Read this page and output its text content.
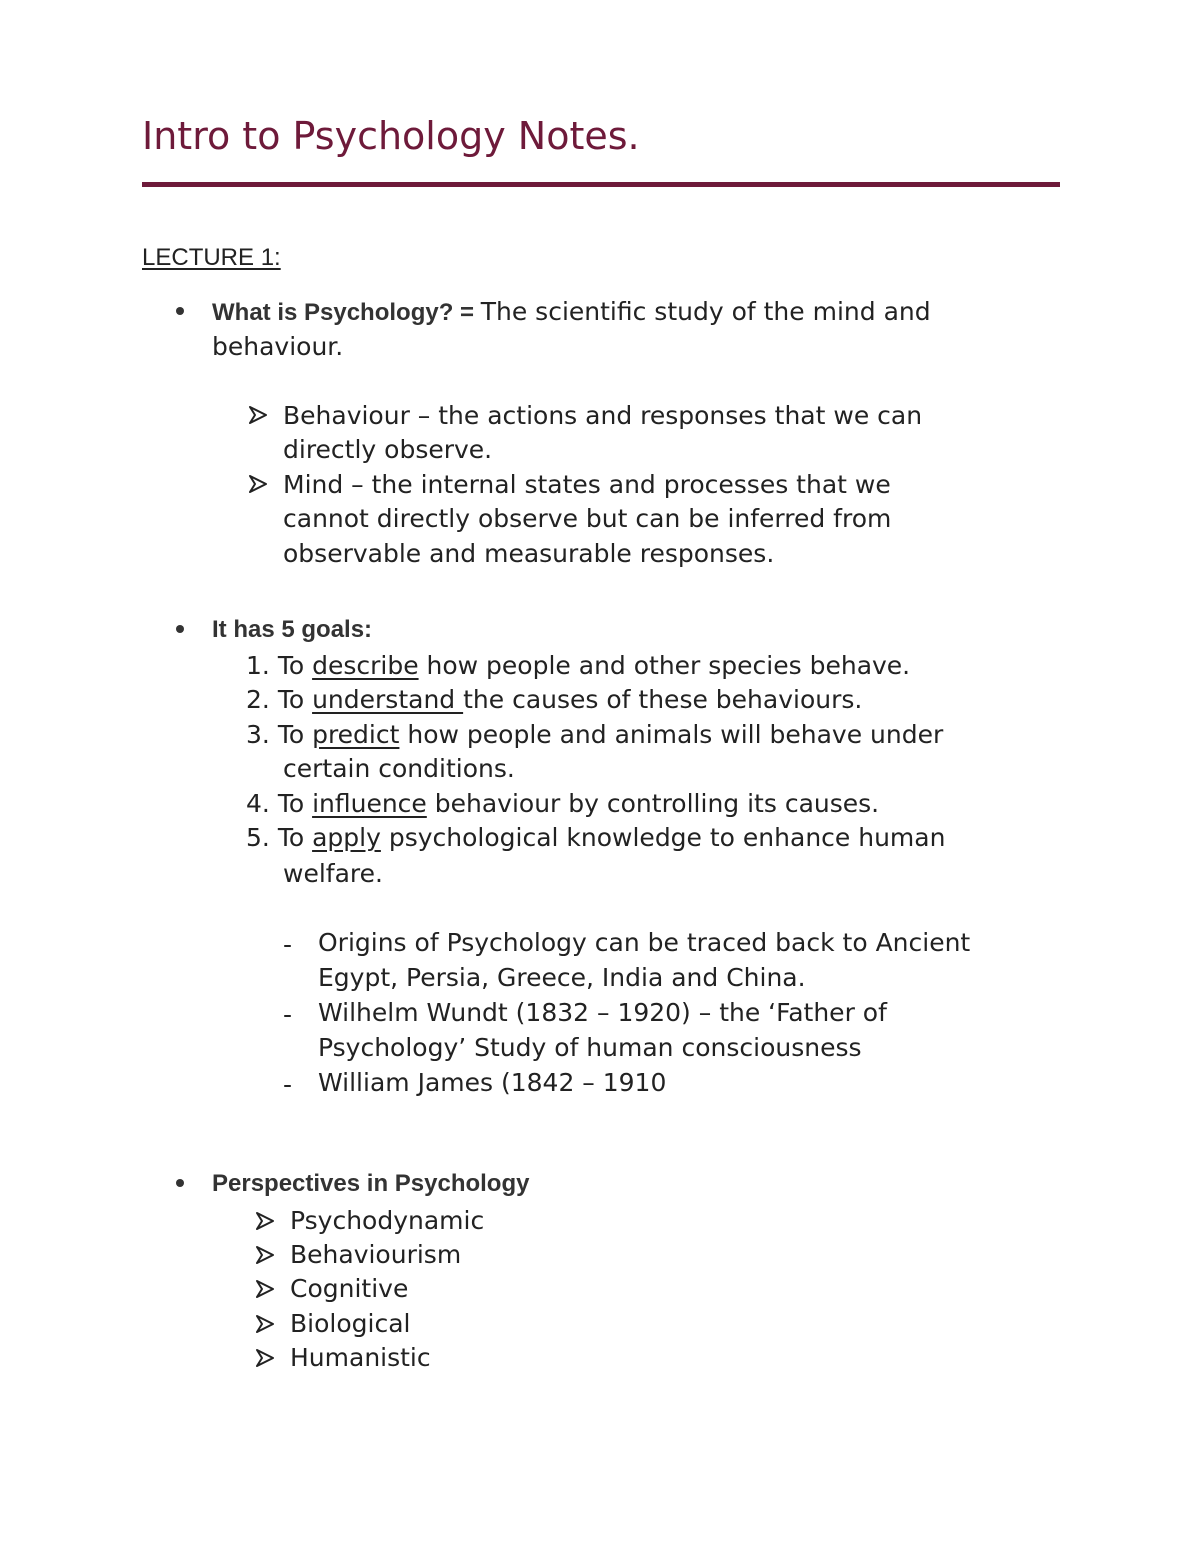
Intro to Psychology Notes.
LECTURE 1:
What is Psychology? = The scientific study of the mind and
behaviour.
Behaviour – the actions and responses that we can
directly observe.
Mind – the internal states and processes that we
cannot directly observe but can be inferred from
observable and measurable responses.
It has 5 goals:
1. To describe how people and other species behave.
2. To understand the causes of these behaviours.
3. To predict how people and animals will behave under
certain conditions.
4. To influence behaviour by controlling its causes.
5. To apply psychological knowledge to enhance human
welfare.
- Origins of Psychology can be traced back to Ancient
Egypt, Persia, Greece, India and China.
- Wilhelm Wundt (1832 – 1920) – the ‘Father of
Psychology’ Study of human consciousness
- William James (1842 – 1910
Perspectives in Psychology
Psychodynamic
Behaviourism
Cognitive
Biological
Humanistic
